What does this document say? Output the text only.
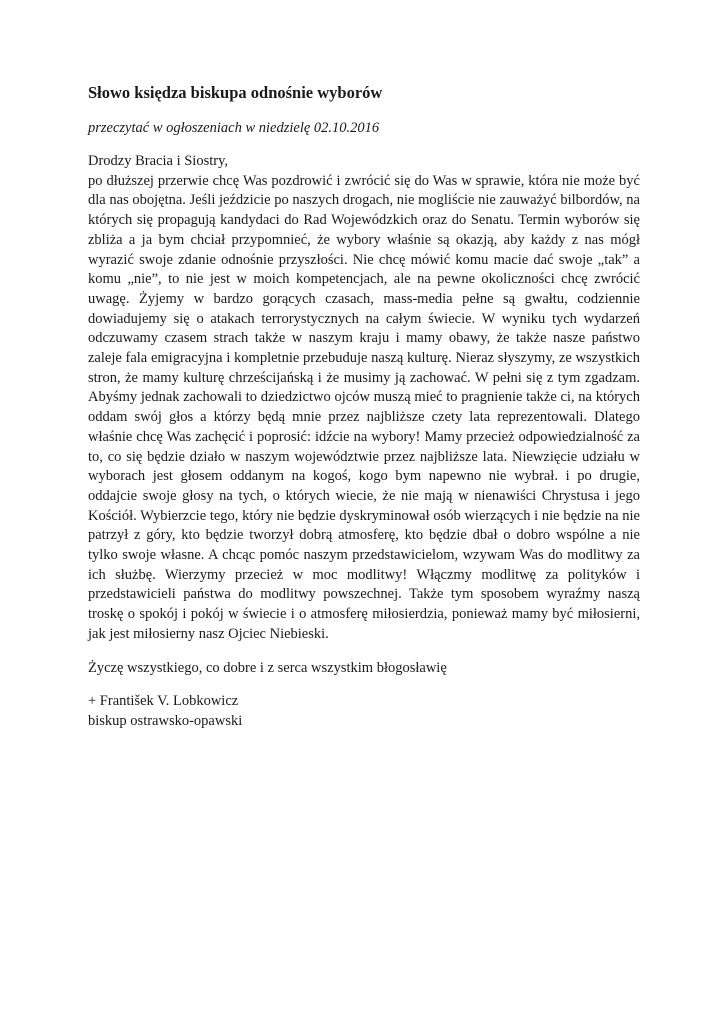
Słowo księdza biskupa odnośnie wyborów

przeczytać w ogłoszeniach w niedzielę 02.10.2016

Drodzy Bracia i Siostry,

po dłuższej przerwie chcę Was pozdrowić i zwrócić się do Was w sprawie, która nie może być dla nas obojętna. Jeśli jeździcie po naszych drogach, nie mogliście nie zauważyć bilbordów, na których się propagują kandydaci do Rad Wojewódzkich oraz do Senatu. Termin wyborów się zbliża a ja bym chciał przypomnieć, że wybory właśnie są okazją, aby każdy z nas mógł wyrazić swoje zdanie odnośnie przyszłości. Nie chcę mówić komu macie dać swoje „tak” a komu „nie”, to nie jest w moich kompetencjach, ale na pewne okoliczności chcę zwrócić uwagę. Żyjemy w bardzo gorących czasach, mass-media pełne są gwałtu, codziennie dowiadujemy się o atakach terrorystycznych na całym świecie. W wyniku tych wydarzeń odczuwamy czasem strach także w naszym kraju i mamy obawy, że także nasze państwo zaleje fala emigracyjna i kompletnie przebuduje naszą kulturę. Nieraz słyszymy, ze wszystkich stron, że mamy kulturę chrześcijańską i że musimy ją zachować. W pełni się z tym zgadzam. Abyśmy jednak zachowali to dziedzictwo ojców muszą mieć to pragnienie także ci, na których oddam swój głos a którzy będą mnie przez najbliższe czety lata reprezentowali. Dlatego właśnie chcę Was zachęcić i poprosić: idźcie na wybory! Mamy przecież odpowiedzialność za to, co się będzie działo w naszym województwie przez najbliższe lata. Niewzięcie udziału w wyborach jest głosem oddanym na kogoś, kogo bym napewno nie wybrał. i po drugie, oddajcie swoje głosy na tych, o których wiecie, że nie mają w nienawiści Chrystusa i jego Kościół. Wybierzcie tego, który nie będzie dyskryminował osób wierzących i nie będzie na nie patrzył z góry, kto będzie tworzył dobrą atmosferę, kto będzie dbał o dobro wspólne a nie tylko swoje własne. A chcąc pomóc naszym przedstawicielom, wzywam Was do modlitwy za ich służbę. Wierzymy przecież w moc modlitwy! Włączmy modlitwę za polityków i przedstawicieli państwa do modlitwy powszechnej. Także tym sposobem wyraźmy naszą troskę o spokój i pokój w świecie i o atmosferę miłosierdzia, ponieważ mamy być miłosierni, jak jest miłosierny nasz Ojciec Niebieski.

Życzę wszystkiego, co dobre i z serca wszystkim błogosławię

+ František V. Lobkowicz
biskup ostrawsko-opawski
